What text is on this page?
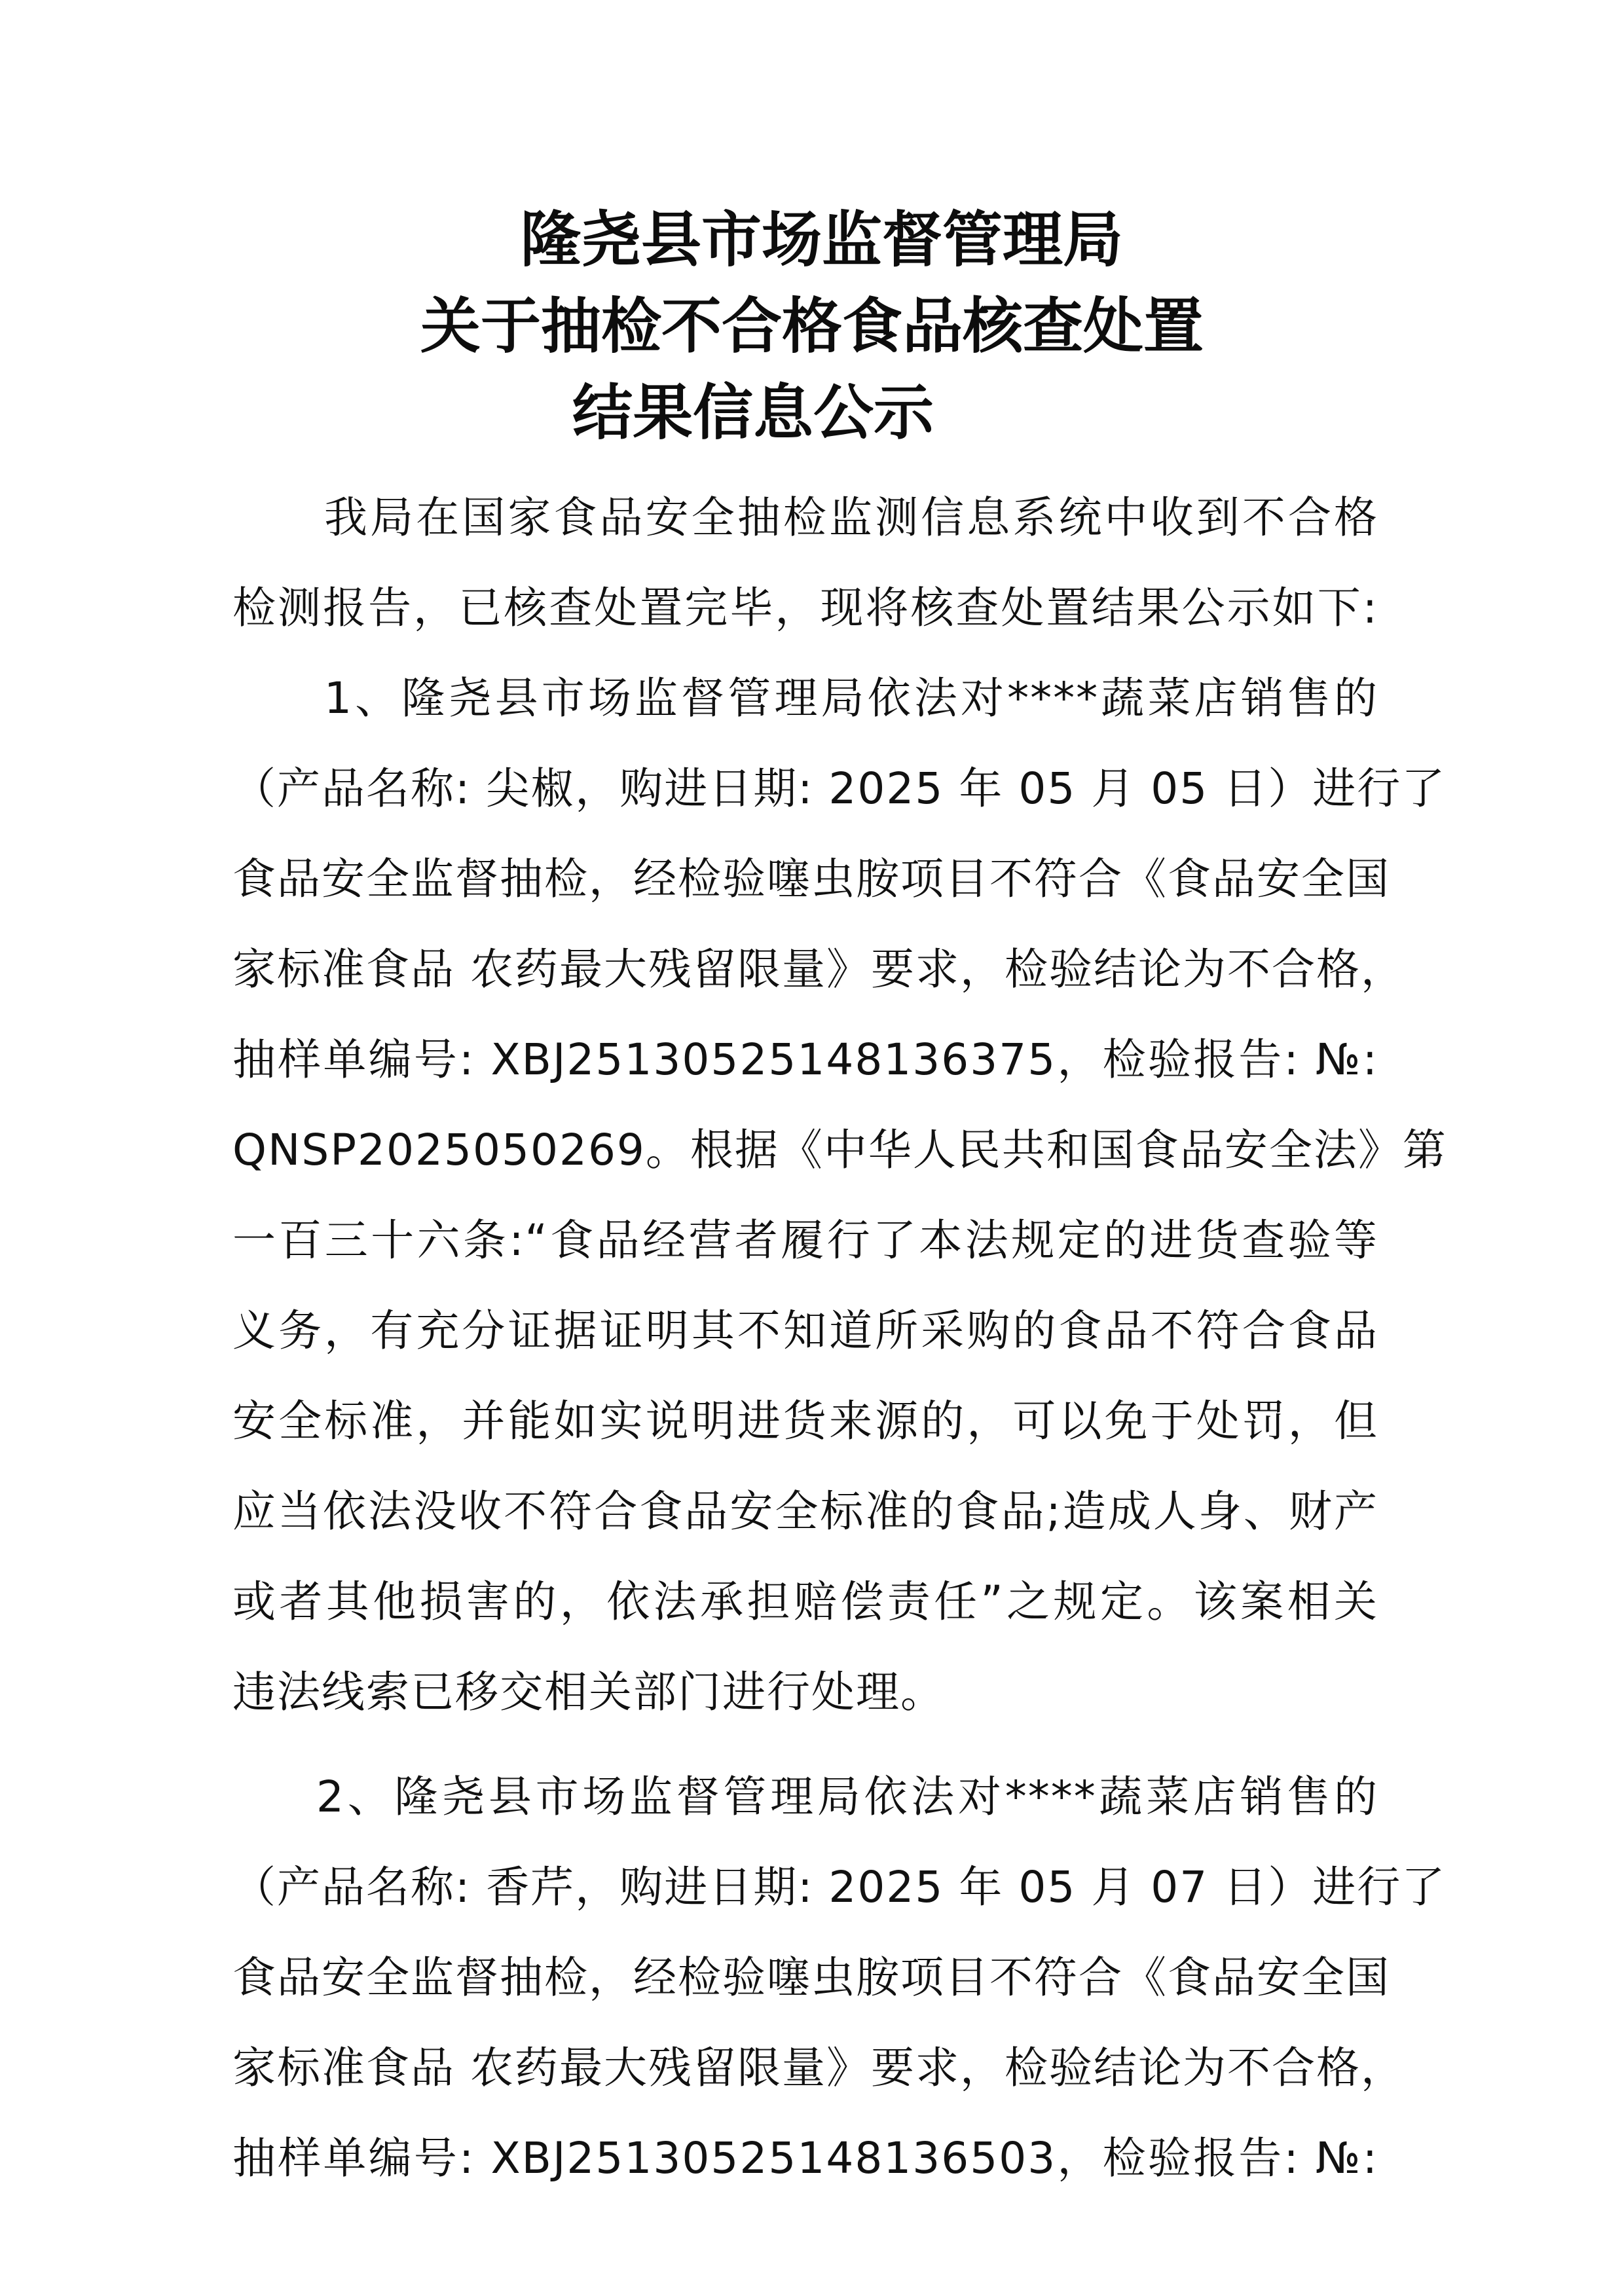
隆尧县市场监督管理局
关于抽检不合格食品核查处置
结果信息公示
我局在国家食品安全抽检监测信息系统中收到不合格
检测报告，已核查处置完毕，现将核查处置结果公示如下:
1、隆尧县市场监督管理局依法对****蔬菜店销售的
（产品名称: 尖椒，购进日期: 2025 年 05 月 05 日）进行了
食品安全监督抽检，经检验噻虫胺项目不符合《食品安全国
家标准食品 农药最大残留限量》要求，检验结论为不合格，
抽样单编号: XBJ25130525148136375，检验报告: №:
QNSP2025050269。根据《中华人民共和国食品安全法》第
一百三十六条:“食品经营者履行了本法规定的进货查验等
义务，有充分证据证明其不知道所采购的食品不符合食品
安全标准，并能如实说明进货来源的，可以免于处罚，但
应当依法没收不符合食品安全标准的食品;造成人身、财产
或者其他损害的，依法承担赔偿责任”之规定。该案相关
违法线索已移交相关部门进行处理。
2、隆尧县市场监督管理局依法对****蔬菜店销售的
（产品名称: 香芹，购进日期: 2025 年 05 月 07 日）进行了
食品安全监督抽检，经检验噻虫胺项目不符合《食品安全国
家标准食品 农药最大残留限量》要求，检验结论为不合格，
抽样单编号: XBJ25130525148136503，检验报告: №:
